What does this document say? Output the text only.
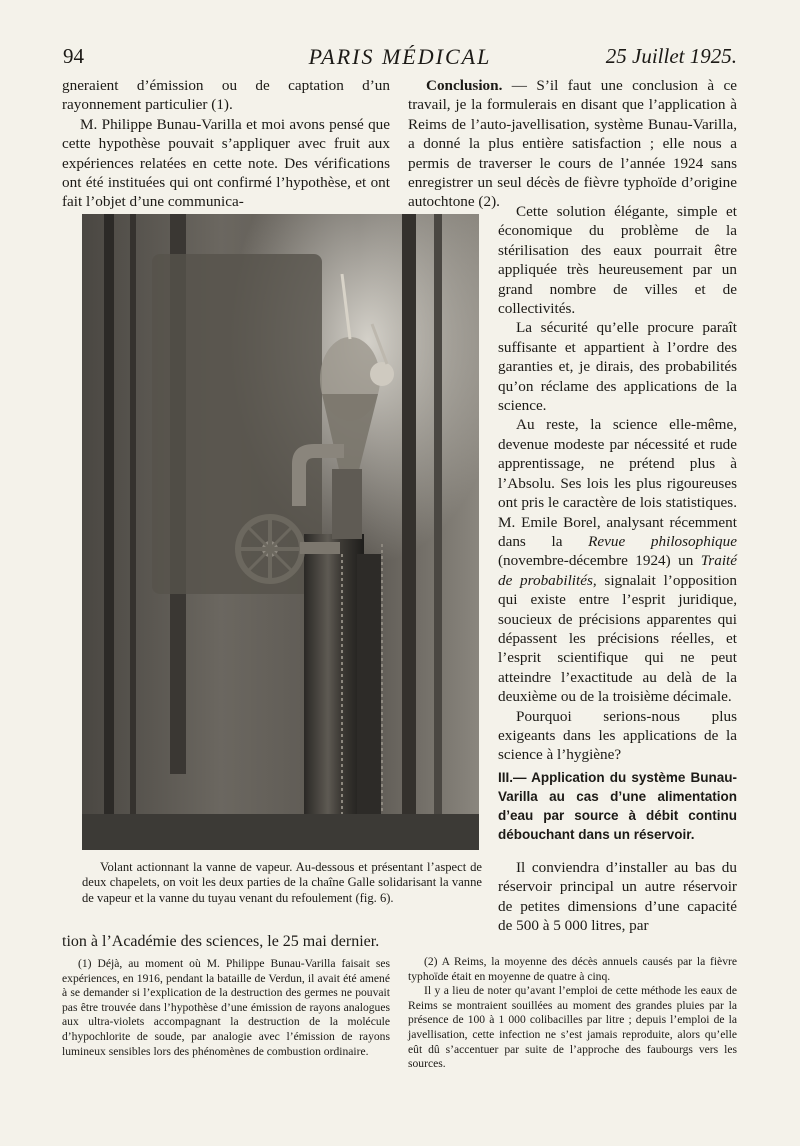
94	PARIS MÉDICAL	25 Juillet 1925.

gneraient d’émission ou de captation d’un rayonnement particulier (1).

M. Philippe Bunau-Varilla et moi avons pensé que cette hypothèse pouvait s’appliquer avec fruit aux expériences relatées en cette note. Des vérifications ont été instituées qui ont confirmé l’hypothèse, et ont fait l’objet d’une communica-

Conclusion. — S’il faut une conclusion à ce travail, je la formulerais en disant que l’application à Reims de l’auto-javellisation, système Bunau-Varilla, a donné la plus entière satisfaction ; elle nous a permis de traverser le cours de l’année 1924 sans enregistrer un seul décès de fièvre typhoïde d’origine autochtone (2).

Cette solution élégante, simple et économique du problème de la stérilisation des eaux pourrait être appliquée très heureusement par un grand nombre de villes et de collectivités.

La sécurité qu’elle procure paraît suffisante et appartient à l’ordre des garanties et, je dirais, des probabilités qu’on réclame des applications de la science.

Au reste, la science elle-même, devenue modeste par nécessité et rude apprentissage, ne prétend plus à l’Absolu. Ses lois les plus rigoureuses ont pris le caractère de lois statistiques. M. Emile Borel, analysant récemment dans la Revue philosophique (novembre-décembre 1924) un Traité de probabilités, signalait l’opposition qui existe entre l’esprit juridique, soucieux de précisions apparentes qui dépassent les précisions réelles, et l’esprit scientifique qui ne peut atteindre l’exactitude au delà de la deuxième ou de la troisième décimale.

Pourquoi serions-nous plus exigeants dans les applications de la science à l’hygiène?

III.— Application du système Bunau-Varilla au cas d’une alimentation d’eau par source à débit continu débouchant dans un réservoir.

Il conviendra d’installer au bas du réservoir principal un autre réservoir de petites dimensions d’une capacité de 500 à 5 000 litres, par

Volant actionnant la vanne de vapeur. Au-dessous et présentant l’aspect de deux chapelets, on voit les deux parties de la chaîne Galle solidarisant la vanne de vapeur et la vanne du tuyau venant du refoulement (fig. 6).
tion à l’Académie des sciences, le 25 mai dernier.

(1) Déjà, au moment où M. Philippe Bunau-Varilla faisait ses expériences, en 1916, pendant la bataille de Verdun, il avait été amené à se demander si l’explication de la destruction des germes ne pouvait pas être trouvée dans l’hypothèse d’une émission de rayons analogues aux ultra-violets accompagnant la destruction de la molécule d’hypochlorite de soude, par analogie avec l’émission de rayons lumineux sensibles lors des phénomènes de combustion ordinaire.

(2) A Reims, la moyenne des décès annuels causés par la fièvre typhoïde était en moyenne de quatre à cinq.

Il y a lieu de noter qu’avant l’emploi de cette méthode les eaux de Reims se montraient souillées au moment des grandes pluies par la présence de 100 à 1 000 colibacilles par litre ; depuis l’emploi de la javellisation, cette infection ne s’est jamais reproduite, alors qu’elle eût dû s’accentuer par suite de l’approche des faubourgs vers les sources.
